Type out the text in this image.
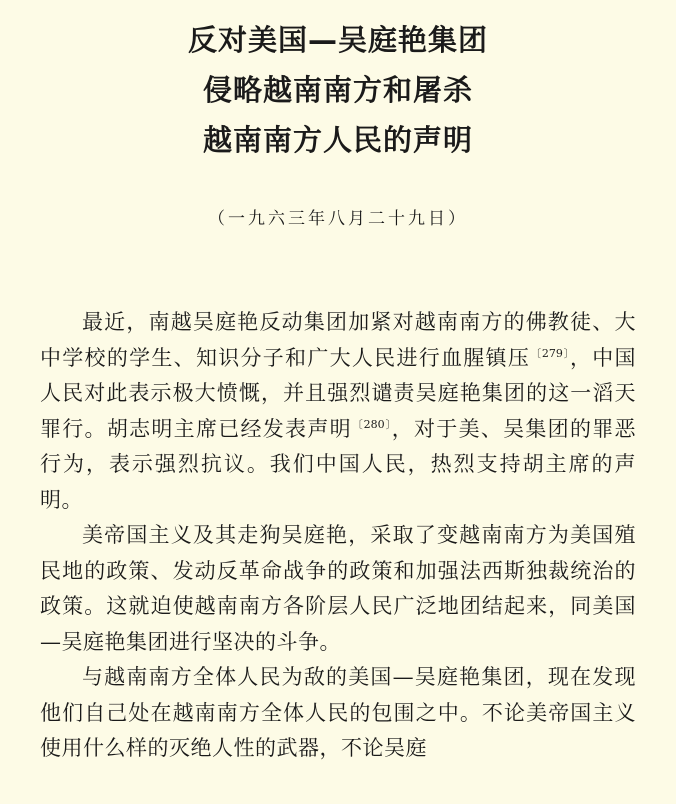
反对美国—吴庭艳集团
侵略越南南方和屠杀
越南南方人民的声明
（一九六三年八月二十九日）

最近，南越吴庭艳反动集团加紧对越南南方的佛教徒、大中学校的学生、知识分子和广大人民进行血腥镇压$^{〔279〕}$，中国人民对此表示极大愤慨，并且强烈谴责吴庭艳集团的这一滔天罪行。胡志明主席已经发表声明$^{〔280〕}$，对于美、吴集团的罪恶行为，表示强烈抗议。我们中国人民，热烈支持胡主席的声明。

美帝国主义及其走狗吴庭艳，采取了变越南南方为美国殖民地的政策、发动反革命战争的政策和加强法西斯独裁统治的政策。这就迫使越南南方各阶层人民广泛地团结起来，同美国—吴庭艳集团进行坚决的斗争。

与越南南方全体人民为敌的美国—吴庭艳集团，现在发现他们自己处在越南南方全体人民的包围之中。不论美帝国主义使用什么样的灭绝人性的武器，不论吴庭
